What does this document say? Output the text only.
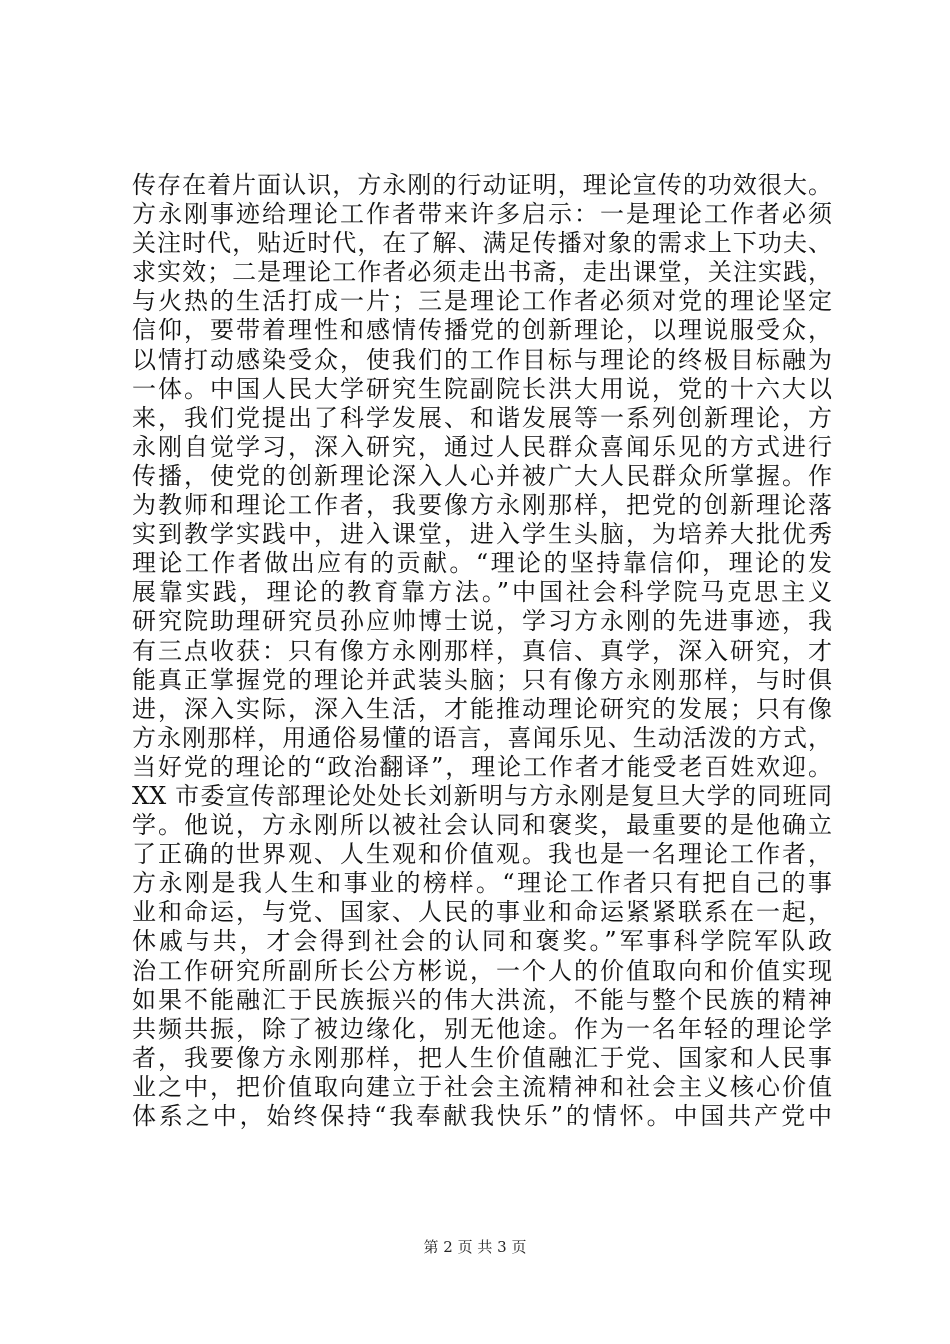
传存在着片面认识，方永刚的行动证明，理论宣传的功效很大。
方永刚事迹给理论工作者带来许多启示：一是理论工作者必须
关注时代，贴近时代，在了解、满足传播对象的需求上下功夫、
求实效；二是理论工作者必须走出书斋，走出课堂，关注实践，
与火热的生活打成一片；三是理论工作者必须对党的理论坚定
信仰，要带着理性和感情传播党的创新理论，以理说服受众，
以情打动感染受众，使我们的工作目标与理论的终极目标融为
一体。中国人民大学研究生院副院长洪大用说，党的十六大以
来，我们党提出了科学发展、和谐发展等一系列创新理论，方
永刚自觉学习，深入研究，通过人民群众喜闻乐见的方式进行
传播，使党的创新理论深入人心并被广大人民群众所掌握。作
为教师和理论工作者，我要像方永刚那样，把党的创新理论落
实到教学实践中，进入课堂，进入学生头脑，为培养大批优秀
理论工作者做出应有的贡献。“理论的坚持靠信仰，理论的发
展靠实践，理论的教育靠方法。”中国社会科学院马克思主义
研究院助理研究员孙应帅博士说，学习方永刚的先进事迹，我
有三点收获：只有像方永刚那样，真信、真学，深入研究，才
能真正掌握党的理论并武装头脑；只有像方永刚那样，与时俱
进，深入实际，深入生活，才能推动理论研究的发展；只有像
方永刚那样，用通俗易懂的语言，喜闻乐见、生动活泼的方式，
当好党的理论的“政治翻译”，理论工作者才能受老百姓欢迎。
XX 市委宣传部理论处处长刘新明与方永刚是复旦大学的同班同
学。他说，方永刚所以被社会认同和褒奖，最重要的是他确立
了正确的世界观、人生观和价值观。我也是一名理论工作者，
方永刚是我人生和事业的榜样。“理论工作者只有把自己的事
业和命运，与党、国家、人民的事业和命运紧紧联系在一起，
休戚与共，才会得到社会的认同和褒奖。”军事科学院军队政
治工作研究所副所长公方彬说，一个人的价值取向和价值实现
如果不能融汇于民族振兴的伟大洪流，不能与整个民族的精神
共频共振，除了被边缘化，别无他途。作为一名年轻的理论学
者，我要像方永刚那样，把人生价值融汇于党、国家和人民事
业之中，把价值取向建立于社会主流精神和社会主义核心价值
体系之中，始终保持“我奉献我快乐”的情怀。中国共产党中
第 2 页 共 3 页
